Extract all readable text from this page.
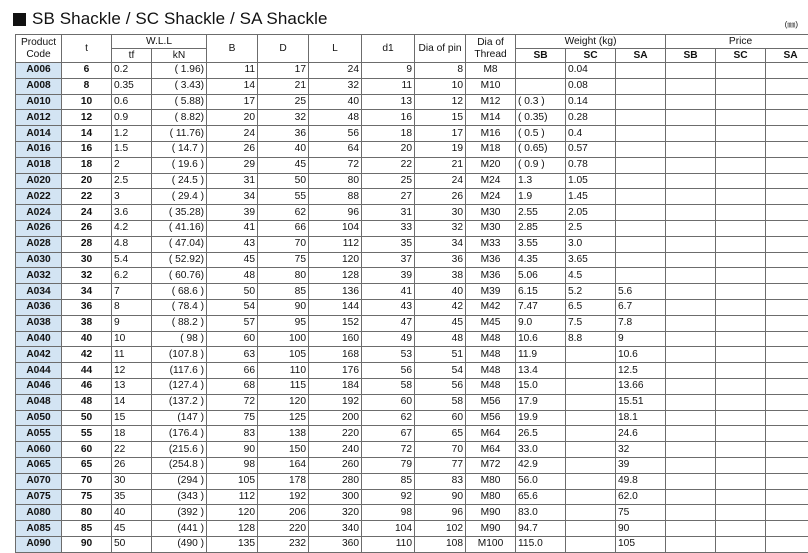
SB Shackle / SC Shackle / SA Shackle	(㎜)
Product Code	t	W.L.L		B	D	L	d1	Dia of pin	Dia of Thread	Weight (kg)			Price		
		tf	kN							SB	SC	SA	SB	SC	SA
A006	6	0.2	( 1.96)	11	17	24	9	8	M8		0.04				
A008	8	0.35	( 3.43)	14	21	32	11	10	M10		0.08				
A010	10	0.6	( 5.88)	17	25	40	13	12	M12	( 0.3 )	0.14				
A012	12	0.9	( 8.82)	20	32	48	16	15	M14	( 0.35)	0.28				
A014	14	1.2	( 11.76)	24	36	56	18	17	M16	( 0.5 )	0.4				
A016	16	1.5	( 14.7 )	26	40	64	20	19	M18	( 0.65)	0.57				
A018	18	2	( 19.6 )	29	45	72	22	21	M20	( 0.9 )	0.78				
A020	20	2.5	( 24.5 )	31	50	80	25	24	M24	1.3	1.05				
A022	22	3	( 29.4 )	34	55	88	27	26	M24	1.9	1.45				
A024	24	3.6	( 35.28)	39	62	96	31	30	M30	2.55	2.05				
A026	26	4.2	( 41.16)	41	66	104	33	32	M30	2.85	2.5				
A028	28	4.8	( 47.04)	43	70	112	35	34	M33	3.55	3.0				
A030	30	5.4	( 52.92)	45	75	120	37	36	M36	4.35	3.65				
A032	32	6.2	( 60.76)	48	80	128	39	38	M36	5.06	4.5				
A034	34	7	( 68.6 )	50	85	136	41	40	M39	6.15	5.2	5.6			
A036	36	8	( 78.4 )	54	90	144	43	42	M42	7.47	6.5	6.7			
A038	38	9	( 88.2 )	57	95	152	47	45	M45	9.0	7.5	7.8			
A040	40	10	( 98 )	60	100	160	49	48	M48	10.6	8.8	9			
A042	42	11	(107.8 )	63	105	168	53	51	M48	11.9		10.6			
A044	44	12	(117.6 )	66	110	176	56	54	M48	13.4		12.5			
A046	46	13	(127.4 )	68	115	184	58	56	M48	15.0		13.66			
A048	48	14	(137.2 )	72	120	192	60	58	M56	17.9		15.51			
A050	50	15	(147 )	75	125	200	62	60	M56	19.9		18.1			
A055	55	18	(176.4 )	83	138	220	67	65	M64	26.5		24.6			
A060	60	22	(215.6 )	90	150	240	72	70	M64	33.0		32			
A065	65	26	(254.8 )	98	164	260	79	77	M72	42.9		39			
A070	70	30	(294 )	105	178	280	85	83	M80	56.0		49.8			
A075	75	35	(343 )	112	192	300	92	90	M80	65.6		62.0			
A080	80	40	(392 )	120	206	320	98	96	M90	83.0		75			
A085	85	45	(441 )	128	220	340	104	102	M90	94.7		90			
A090	90	50	(490 )	135	232	360	110	108	M100	115.0		105			
